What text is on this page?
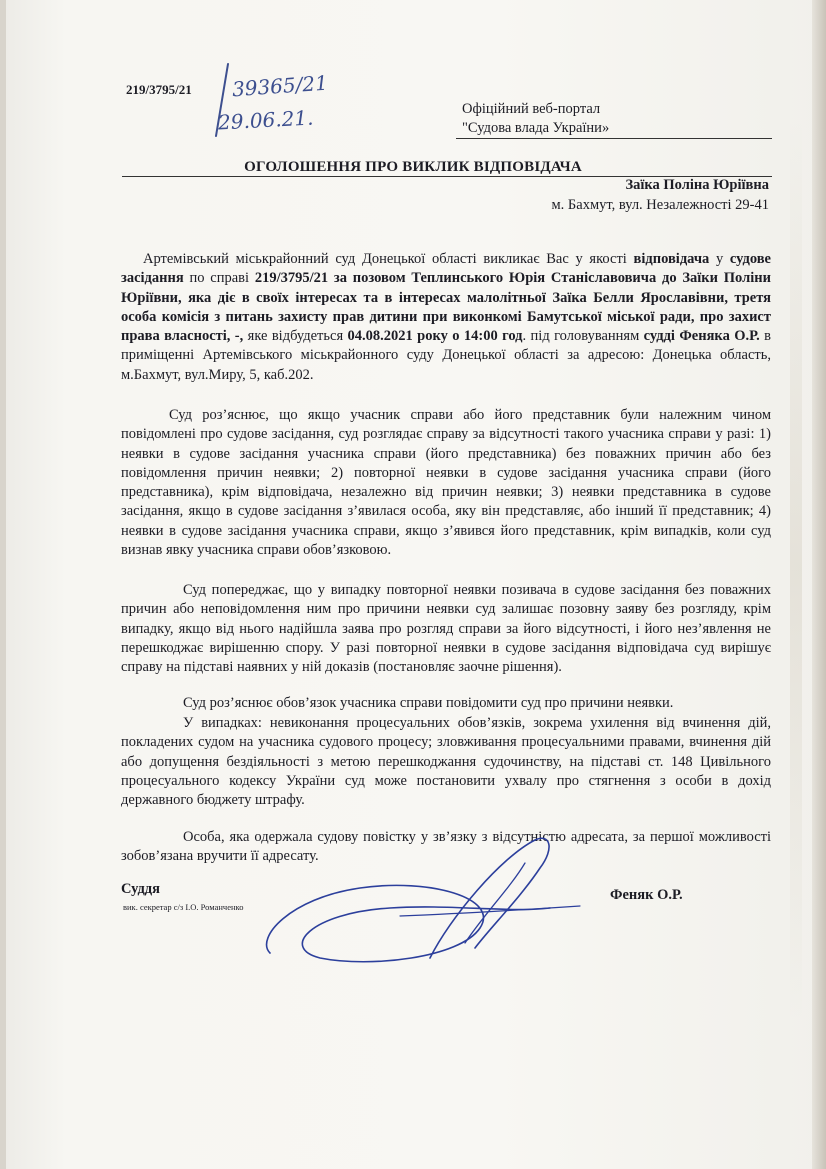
219/3795/21 39365/21
29.06.21.	Офіційний веб-портал
"Судова влада України»
ОГОЛОШЕННЯ ПРО ВИКЛИК ВІДПОВІДАЧА
Заїка Поліна Юріївна
м. Бахмут, вул. Незалежності 29-41
Артемівський міськрайонний суд Донецької області викликає Вас у якості відповідача у судове засідання по справі 219/3795/21 за позовом Теплинського Юрія Станіславовича до Заїки Поліни Юріївни, яка діє в своїх інтересах та в інтересах малолітньої Заїка Белли Ярославівни, третя особа комісія з питань захисту прав дитини при виконкомі Бамутської міської ради, про захист права власності, -, яке відбудеться 04.08.2021 року о 14:00 год. під головуванням судді Феняка О.Р. в приміщенні Артемівського міськрайонного суду Донецької області за адресою: Донецька область, м.Бахмут, вул.Миру, 5, каб.202.
Суд роз’яснює, що якщо учасник справи або його представник були належним чином повідомлені про судове засідання, суд розглядає справу за відсутності такого учасника справи у разі: 1) неявки в судове засідання учасника справи (його представника) без поважних причин або без повідомлення причин неявки; 2) повторної неявки в судове засідання учасника справи (його представника), крім відповідача, незалежно від причин неявки; 3) неявки представника в судове засідання, якщо в судове засідання з’явилася особа, яку він представляє, або інший її представник; 4) неявки в судове засідання учасника справи, якщо з’явився його представник, крім випадків, коли суд визнав явку учасника справи обов’язковою.
Суд попереджає, що у випадку повторної неявки позивача в судове засідання без поважних причин або неповідомлення ним про причини неявки суд залишає позовну заяву без розгляду, крім випадку, якщо від нього надійшла заява про розгляд справи за його відсутності, і його нез’явлення не перешкоджає вирішенню спору. У разі повторної неявки в судове засідання відповідача суд вирішує справу на підставі наявних у ній доказів (постановляє заочне рішення).
Суд роз’яснює обов’язок учасника справи повідомити суд про причини неявки.
У випадках: невиконання процесуальних обов’язків, зокрема ухилення від вчинення дій, покладених судом на учасника судового процесу; зловживання процесуальними правами, вчинення дій або допущення бездіяльності з метою перешкоджання судочинству, на підставі ст. 148 Цивільного процесуального кодексу України суд може постановити ухвалу про стягнення з особи в дохід державного бюджету штрафу.
Особа, яка одержала судову повістку у зв’язку з відсутністю адресата, за першої можливості зобов’язана вручити її адресату.
Суддя
вик. секретар с/з І.О. Романченко
Феняк О.Р.
